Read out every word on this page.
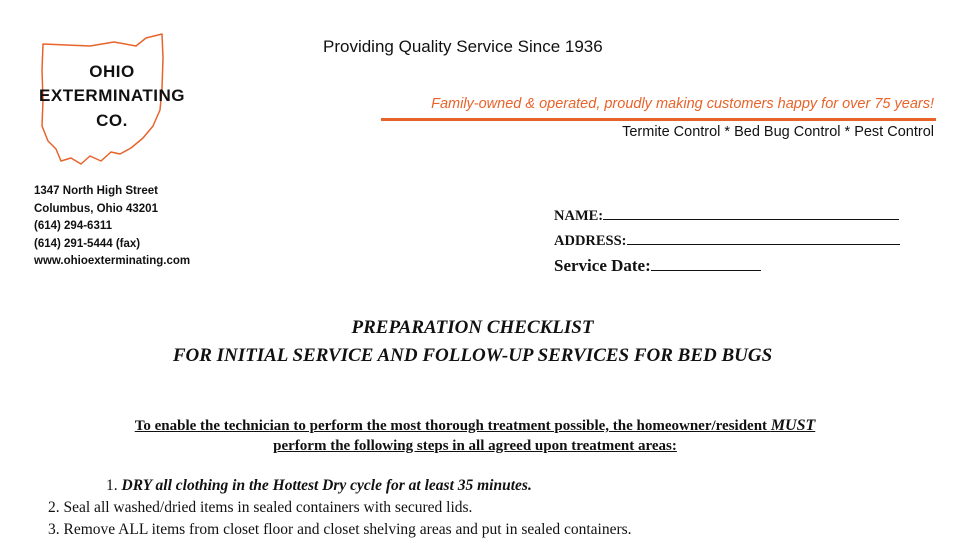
OHIO
EXTERMINATING
CO.
1347 North High Street
Columbus, Ohio 43201
(614) 294-6311
(614) 291-5444 (fax)
www.ohioexterminating.com
Providing Quality Service Since 1936
Family-owned & operated, proudly making customers happy for over 75 years!
Termite Control * Bed Bug Control * Pest Control
NAME:
ADDRESS:
Service Date:
PREPARATION CHECKLIST
FOR INITIAL SERVICE AND FOLLOW-UP SERVICES FOR BED BUGS
To enable the technician to perform the most thorough treatment possible, the homeowner/resident MUST
perform the following steps in all agreed upon treatment areas:
1. DRY all clothing in the Hottest Dry cycle for at least 35 minutes.
2. Seal all washed/dried items in sealed containers with secured lids.
3. Remove ALL items from closet floor and closet shelving areas and put in sealed containers.
